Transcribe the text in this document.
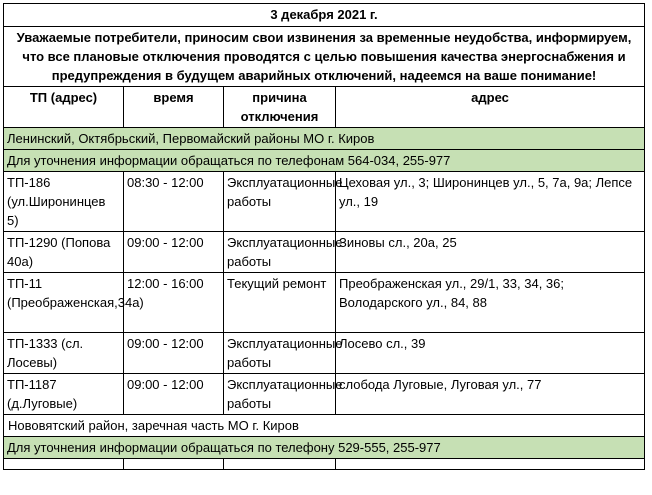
3 декабря 2021 г.			
Уважаемые потребители, приносим свои извинения за временные неудобства, информируем, что все плановые отключения проводятся с целью повышения качества энергоснабжения и предупреждения в будущем аварийных отключений, надеемся на ваше понимание!			
ТП (адрес)	время	причина отключения	адрес
Ленинский, Октябрьский, Первомайский районы МО г. Киров			
Для уточнения информации обращаться по телефонам 564-034, 255-977			
ТП-186 (ул.Широнинцев 5)	08:30 - 12:00	Эксплуатационные работы	Цеховая ул., 3; Широнинцев ул., 5, 7а, 9а; Лепсе ул., 19
ТП-1290 (Попова 40а)	09:00 - 12:00	Эксплуатационные работы	Зиновы сл., 20а, 25
ТП-11 (Преображенская,34а)	12:00 - 16:00	Текущий ремонт	Преображенская ул., 29/1, 33, 34, 36; Володарского ул., 84, 88
ТП-1333 (сл. Лосевы)	09:00 - 12:00	Эксплуатационные работы	Лосево сл., 39
ТП-1187 (д.Луговые)	09:00 - 12:00	Эксплуатационные работы	слобода Луговые, Луговая ул., 77
Нововятский район, заречная часть МО г. Киров			
Для уточнения информации обращаться по телефону 529-555, 255-977			
